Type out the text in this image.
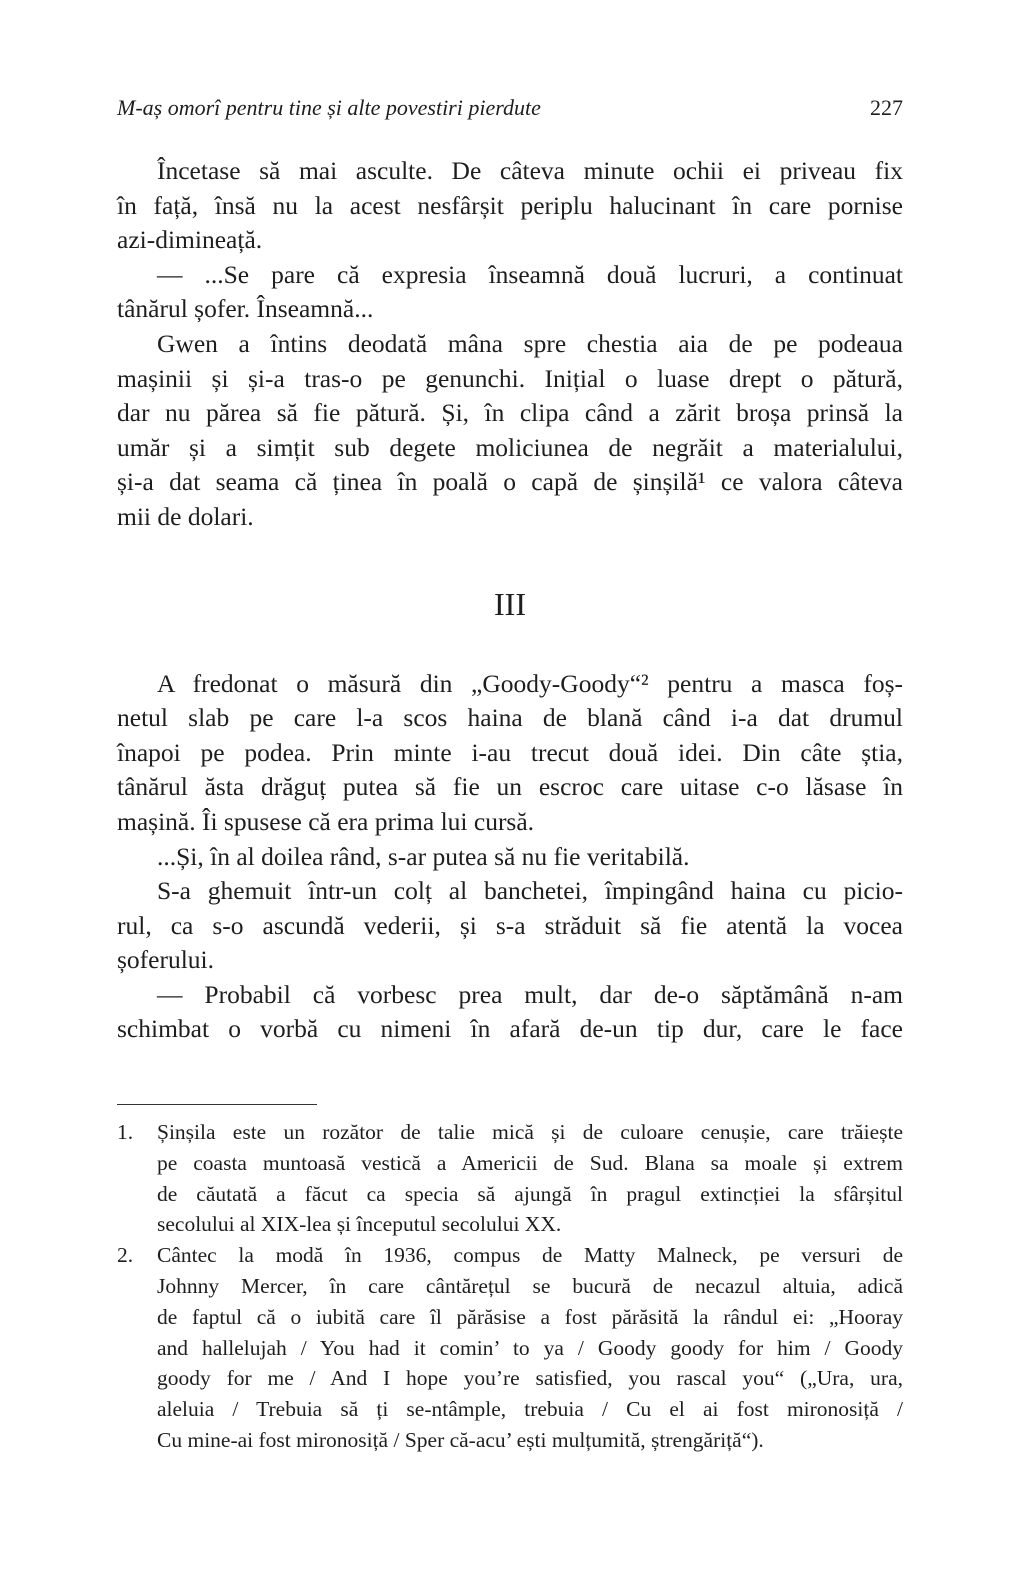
M-aș omorî pentru tine și alte povestiri pierdute	227
Încetase să mai asculte. De câteva minute ochii ei priveau fix
în față, însă nu la acest nesfârșit periplu halucinant în care pornise
azi-dimineață.
— ...Se pare că expresia înseamnă două lucruri, a continuat
tânărul șofer. Înseamnă...
Gwen a întins deodată mâna spre chestia aia de pe podeaua
mașinii și și-a tras-o pe genunchi. Inițial o luase drept o pătură,
dar nu părea să fie pătură. Și, în clipa când a zărit broșa prinsă la
umăr și a simțit sub degete moliciunea de negrăit a materialului,
și-a dat seama că ținea în poală o capă de șinșilă¹ ce valora câteva
mii de dolari.
III
A fredonat o măsură din „Goody-Goody“² pentru a masca foș-
netul slab pe care l-a scos haina de blană când i-a dat drumul
înapoi pe podea. Prin minte i-au trecut două idei. Din câte știa,
tânărul ăsta drăguț putea să fie un escroc care uitase c-o lăsase în
mașină. Îi spusese că era prima lui cursă.
...Și, în al doilea rând, s-ar putea să nu fie veritabilă.
S-a ghemuit într-un colț al banchetei, împingând haina cu picio-
rul, ca s-o ascundă vederii, și s-a străduit să fie atentă la vocea
șoferului.
— Probabil că vorbesc prea mult, dar de-o săptămână n-am
schimbat o vorbă cu nimeni în afară de-un tip dur, care le face
1. Șinșila este un rozător de talie mică și de culoare cenușie, care trăiește
pe coasta muntoasă vestică a Americii de Sud. Blana sa moale și extrem
de căutată a făcut ca specia să ajungă în pragul extincției la sfârșitul
secolului al XIX-lea și începutul secolului XX.
2. Cântec la modă în 1936, compus de Matty Malneck, pe versuri de
Johnny Mercer, în care cântărețul se bucură de necazul altuia, adică
de faptul că o iubită care îl părăsise a fost părăsită la rândul ei: „Hooray
and hallelujah / You had it comin’ to ya / Goody goody for him / Goody
goody for me / And I hope you’re satisfied, you rascal you“ („Ura, ura,
aleluia / Trebuia să ți se-ntâmple, trebuia / Cu el ai fost mironosiță /
Cu mine-ai fost mironosiță / Sper că-acu’ ești mulțumită, ștrengăriță“).
